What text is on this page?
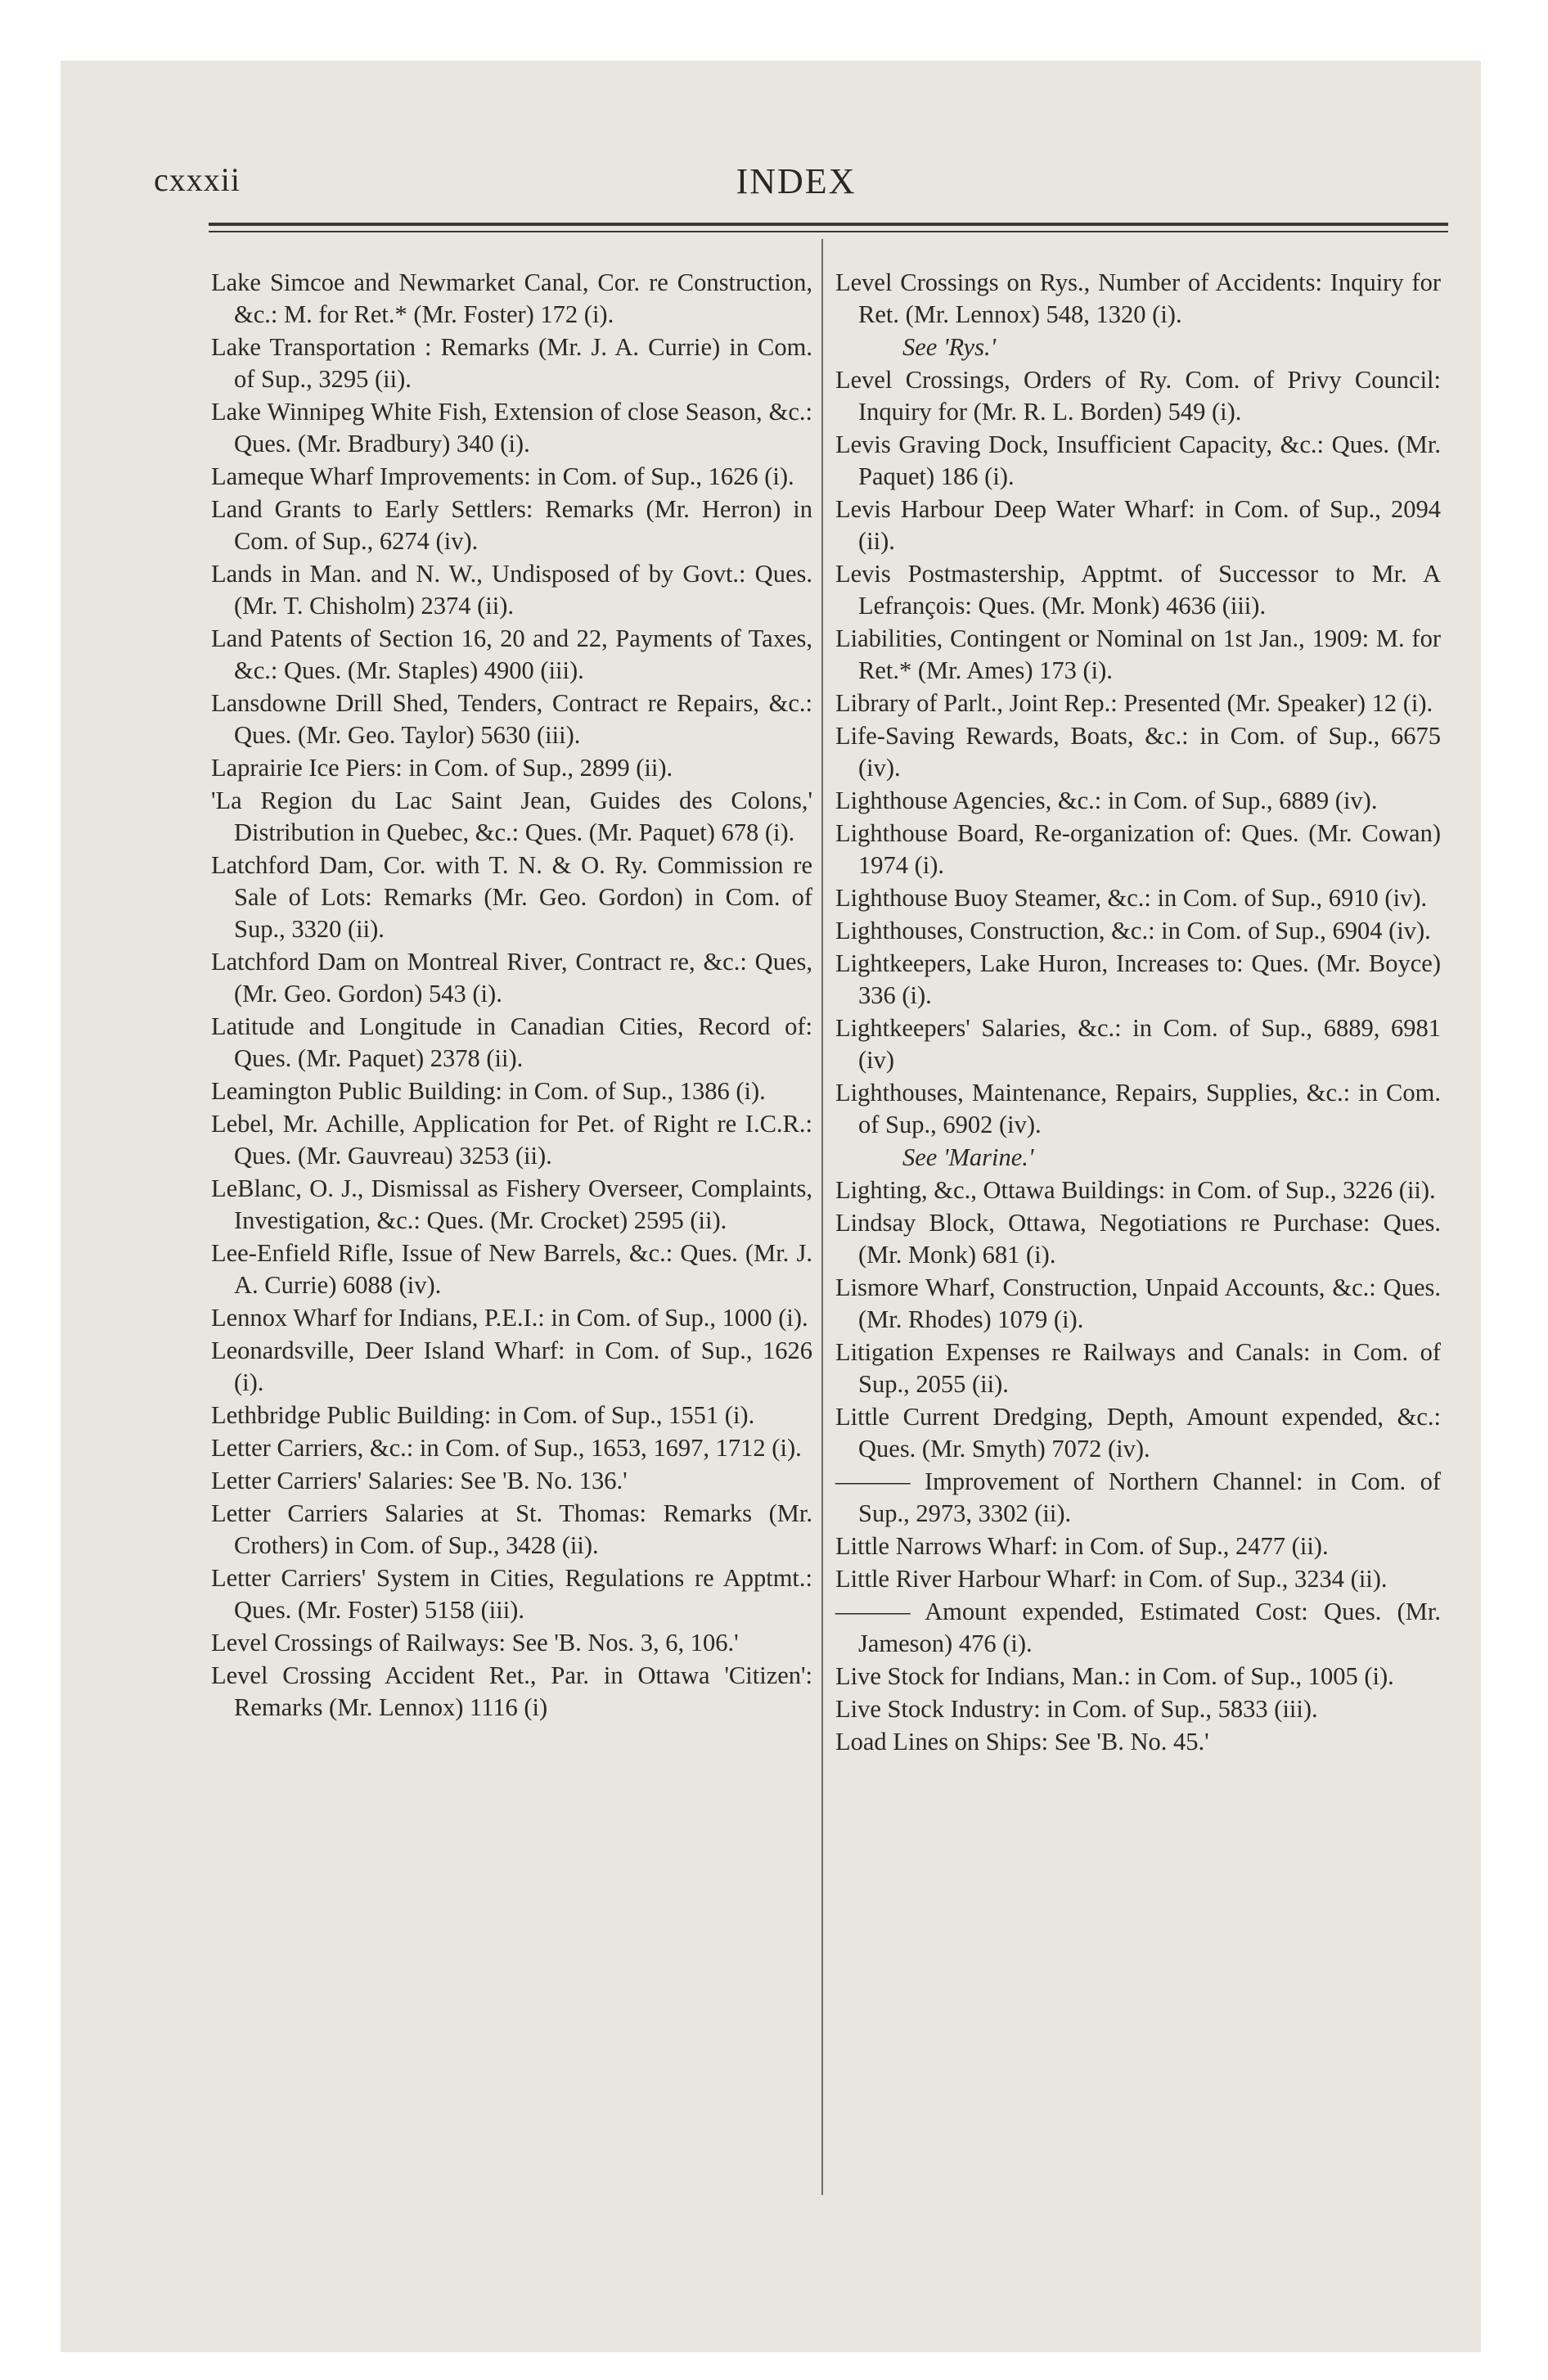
cxxxii	INDEX
Lake Simcoe and Newmarket Canal, Cor. re Construction, &c.: M. for Ret.* (Mr. Foster) 172 (i).
Lake Transportation : Remarks (Mr. J. A. Currie) in Com. of Sup., 3295 (ii).
Lake Winnipeg White Fish, Extension of close Season, &c.: Ques. (Mr. Bradbury) 340 (i).
Lameque Wharf Improvements: in Com. of Sup., 1626 (i).
Land Grants to Early Settlers: Remarks (Mr. Herron) in Com. of Sup., 6274 (iv).
Lands in Man. and N. W., Undisposed of by Govt.: Ques. (Mr. T. Chisholm) 2374 (ii).
Land Patents of Section 16, 20 and 22, Payments of Taxes, &c.: Ques. (Mr. Staples) 4900 (iii).
Lansdowne Drill Shed, Tenders, Contract re Repairs, &c.: Ques. (Mr. Geo. Taylor) 5630 (iii).
Laprairie Ice Piers: in Com. of Sup., 2899 (ii).
'La Region du Lac Saint Jean, Guides des Colons,' Distribution in Quebec, &c.: Ques. (Mr. Paquet) 678 (i).
Latchford Dam, Cor. with T. N. & O. Ry. Commission re Sale of Lots: Remarks (Mr. Geo. Gordon) in Com. of Sup., 3320 (ii).
Latchford Dam on Montreal River, Contract re, &c.: Ques, (Mr. Geo. Gordon) 543 (i).
Latitude and Longitude in Canadian Cities, Record of: Ques. (Mr. Paquet) 2378 (ii).
Leamington Public Building: in Com. of Sup., 1386 (i).
Lebel, Mr. Achille, Application for Pet. of Right re I.C.R.: Ques. (Mr. Gauvreau) 3253 (ii).
LeBlanc, O. J., Dismissal as Fishery Overseer, Complaints, Investigation, &c.: Ques. (Mr. Crocket) 2595 (ii).
Lee-Enfield Rifle, Issue of New Barrels, &c.: Ques. (Mr. J. A. Currie) 6088 (iv).
Lennox Wharf for Indians, P.E.I.: in Com. of Sup., 1000 (i).
Leonardsville, Deer Island Wharf: in Com. of Sup., 1626 (i).
Lethbridge Public Building: in Com. of Sup., 1551 (i).
Letter Carriers, &c.: in Com. of Sup., 1653, 1697, 1712 (i).
Letter Carriers' Salaries: See 'B. No. 136.'
Letter Carriers Salaries at St. Thomas: Remarks (Mr. Crothers) in Com. of Sup., 3428 (ii).
Letter Carriers' System in Cities, Regulations re Apptmt.: Ques. (Mr. Foster) 5158 (iii).
Level Crossings of Railways: See 'B. Nos. 3, 6, 106.'
Level Crossing Accident Ret., Par. in Ottawa 'Citizen': Remarks (Mr. Lennox) 1116 (i)
Level Crossings on Rys., Number of Accidents: Inquiry for Ret. (Mr. Lennox) 548, 1320 (i).
See 'Rys.'
Level Crossings, Orders of Ry. Com. of Privy Council: Inquiry for (Mr. R. L. Borden) 549 (i).
Levis Graving Dock, Insufficient Capacity, &c.: Ques. (Mr. Paquet) 186 (i).
Levis Harbour Deep Water Wharf: in Com. of Sup., 2094 (ii).
Levis Postmastership, Apptmt. of Successor to Mr. A Lefrançois: Ques. (Mr. Monk) 4636 (iii).
Liabilities, Contingent or Nominal on 1st Jan., 1909: M. for Ret.* (Mr. Ames) 173 (i).
Library of Parlt., Joint Rep.: Presented (Mr. Speaker) 12 (i).
Life-Saving Rewards, Boats, &c.: in Com. of Sup., 6675 (iv).
Lighthouse Agencies, &c.: in Com. of Sup., 6889 (iv).
Lighthouse Board, Re-organization of: Ques. (Mr. Cowan) 1974 (i).
Lighthouse Buoy Steamer, &c.: in Com. of Sup., 6910 (iv).
Lighthouses, Construction, &c.: in Com. of Sup., 6904 (iv).
Lightkeepers, Lake Huron, Increases to: Ques. (Mr. Boyce) 336 (i).
Lightkeepers' Salaries, &c.: in Com. of Sup., 6889, 6981 (iv)
Lighthouses, Maintenance, Repairs, Supplies, &c.: in Com. of Sup., 6902 (iv).
See 'Marine.'
Lighting, &c., Ottawa Buildings: in Com. of Sup., 3226 (ii).
Lindsay Block, Ottawa, Negotiations re Purchase: Ques. (Mr. Monk) 681 (i).
Lismore Wharf, Construction, Unpaid Accounts, &c.: Ques. (Mr. Rhodes) 1079 (i).
Litigation Expenses re Railways and Canals: in Com. of Sup., 2055 (ii).
Little Current Dredging, Depth, Amount expended, &c.: Ques. (Mr. Smyth) 7072 (iv).
——— Improvement of Northern Channel: in Com. of Sup., 2973, 3302 (ii).
Little Narrows Wharf: in Com. of Sup., 2477 (ii).
Little River Harbour Wharf: in Com. of Sup., 3234 (ii).
——— Amount expended, Estimated Cost: Ques. (Mr. Jameson) 476 (i).
Live Stock for Indians, Man.: in Com. of Sup., 1005 (i).
Live Stock Industry: in Com. of Sup., 5833 (iii).
Load Lines on Ships: See 'B. No. 45.'
